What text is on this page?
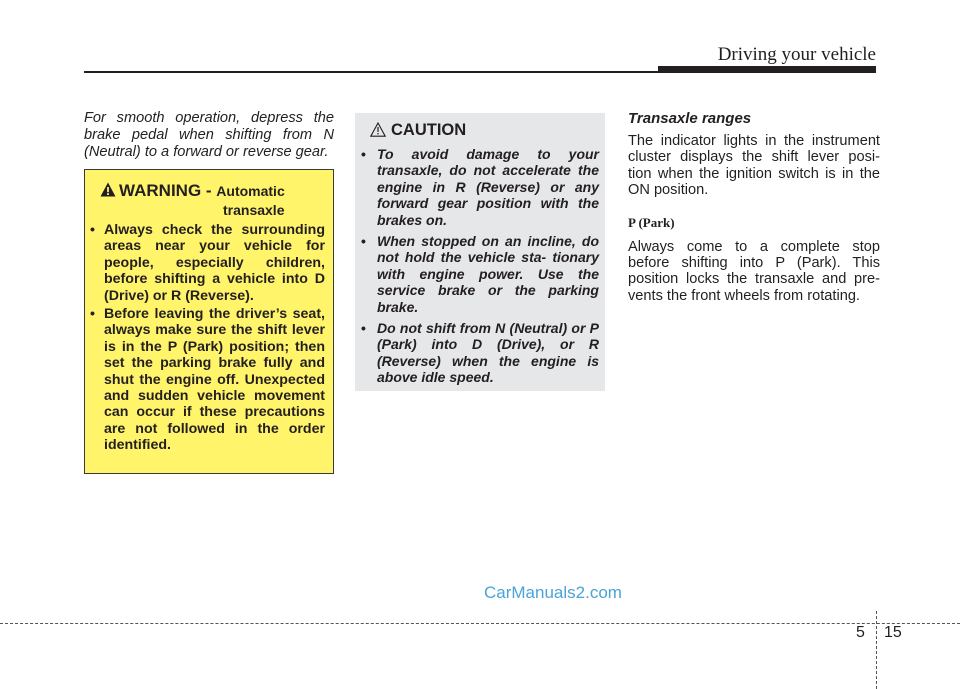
Driving your vehicle
For smooth operation, depress the brake pedal when shifting from N (Neutral) to a forward or reverse gear.
WARNING - Automatic
transaxle
• Always check the surrounding areas near your vehicle for people, especially children, before shifting a vehicle into D (Drive) or R (Reverse).
• Before leaving the driver’s seat, always make sure the shift lever is in the P (Park) position; then set the parking brake fully and shut the engine off. Unexpected and sudden vehicle movement can occur if these precautions are not followed in the order identified.
CAUTION
• To avoid damage to your transaxle, do not accelerate the engine in R (Reverse) or any forward gear position with the brakes on.
• When stopped on an incline, do not hold the vehicle sta- tionary with engine power. Use the service brake or the parking brake.
• Do not shift from N (Neutral) or P (Park) into D (Drive), or R (Reverse) when the engine is above idle speed.
Transaxle ranges

The indicator lights in the instrument cluster displays the shift lever posi- tion when the ignition switch is in the ON position.

P (Park)

Always come to a complete stop before shifting into P (Park). This position locks the transaxle and pre- vents the front wheels from rotating.

CarManuals2.com
5 15
